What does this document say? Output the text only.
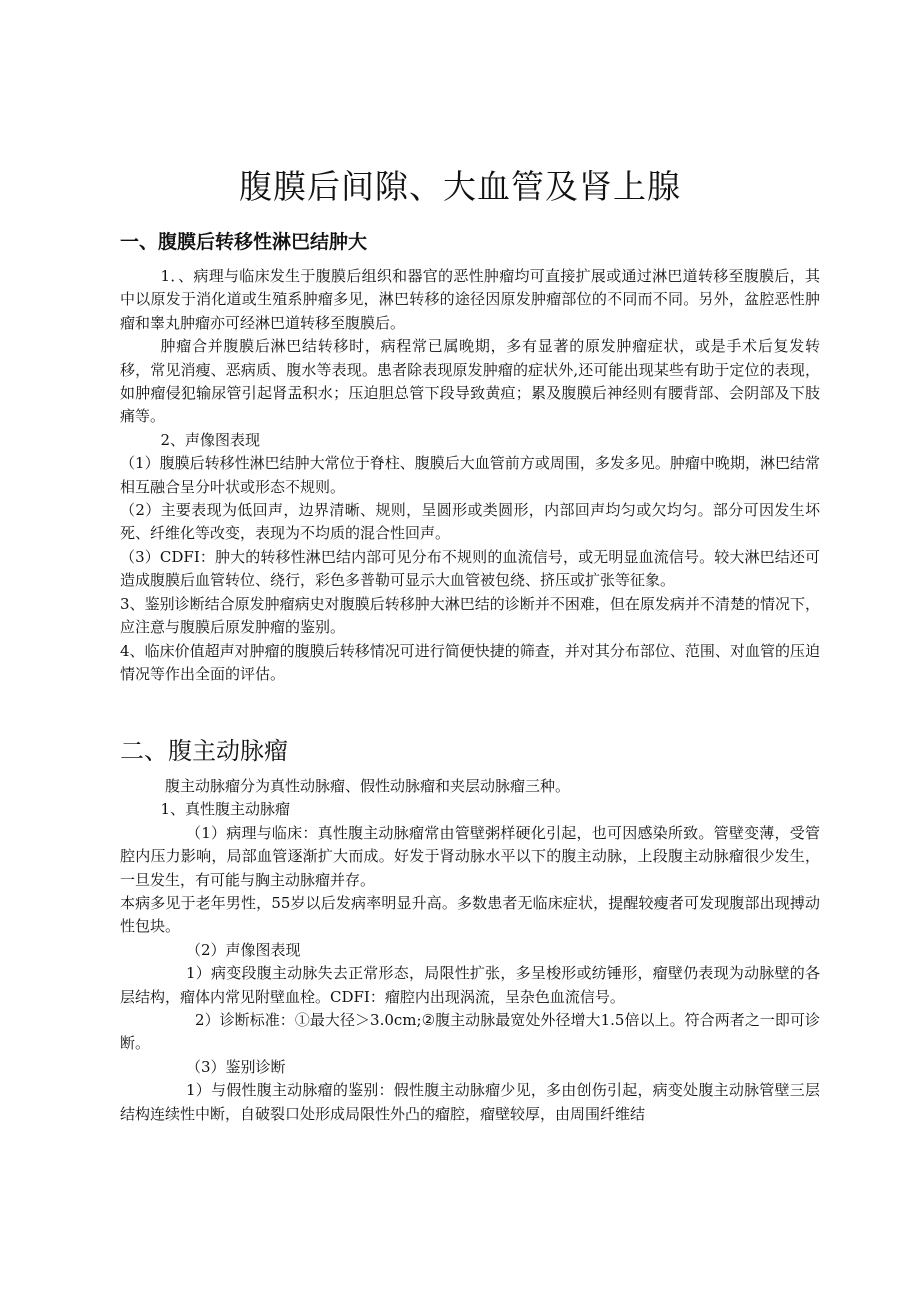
腹膜后间隙、大血管及肾上腺
一、腹膜后转移性淋巴结肿大

1．、病理与临床发生于腹膜后组织和器官的恶性肿瘤均可直接扩展或通过淋巴道转移至腹膜后，其中以原发于消化道或生殖系肿瘤多见，淋巴转移的途径因原发肿瘤部位的不同而不同。另外，盆腔恶性肿瘤和睾丸肿瘤亦可经淋巴道转移至腹膜后。

肿瘤合并腹膜后淋巴结转移时，病程常已属晚期，多有显著的原发肿瘤症状，或是手术后复发转移，常见消瘦、恶病质、腹水等表现。患者除表现原发肿瘤的症状外,还可能出现某些有助于定位的表现，如肿瘤侵犯输尿管引起肾盂积水；压迫胆总管下段导致黄疸；累及腹膜后神经则有腰背部、会阴部及下肢痛等。

2、声像图表现

（1）腹膜后转移性淋巴结肿大常位于脊柱、腹膜后大血管前方或周围，多发多见。肿瘤中晚期，淋巴结常相互融合呈分叶状或形态不规则。

（2）主要表现为低回声，边界清晰、规则，呈圆形或类圆形，内部回声均匀或欠均匀。部分可因发生坏死、纤维化等改变，表现为不均质的混合性回声。

（3）CDFI：肿大的转移性淋巴结内部可见分布不规则的血流信号，或无明显血流信号。较大淋巴结还可造成腹膜后血管转位、绕行，彩色多普勒可显示大血管被包绕、挤压或扩张等征象。

3、鉴别诊断结合原发肿瘤病史对腹膜后转移肿大淋巴结的诊断并不困难，但在原发病并不清楚的情况下，应注意与腹膜后原发肿瘤的鉴别。

4、临床价值超声对肿瘤的腹膜后转移情况可进行简便快捷的筛查，并对其分布部位、范围、对血管的压迫情况等作出全面的评估。

二、腹主动脉瘤

腹主动脉瘤分为真性动脉瘤、假性动脉瘤和夹层动脉瘤三种。

1、真性腹主动脉瘤

（1）病理与临床：真性腹主动脉瘤常由管壁粥样硬化引起，也可因感染所致。管壁变薄，受管腔内压力影响，局部血管逐渐扩大而成。好发于肾动脉水平以下的腹主动脉，上段腹主动脉瘤很少发生，一旦发生，有可能与胸主动脉瘤并存。

本病多见于老年男性，55岁以后发病率明显升高。多数患者无临床症状，提醒较瘦者可发现腹部出现搏动性包块。

（2）声像图表现

1）病变段腹主动脉失去正常形态，局限性扩张，多呈梭形或纺锤形，瘤壁仍表现为动脉壁的各层结构，瘤体内常见附壁血栓。CDFI：瘤腔内出现涡流，呈杂色血流信号。

2）诊断标准：①最大径＞3.0cm;②腹主动脉最宽处外径增大1.5倍以上。符合两者之一即可诊断。

（3）鉴别诊断

1）与假性腹主动脉瘤的鉴别：假性腹主动脉瘤少见，多由创伤引起，病变处腹主动脉管壁三层结构连续性中断，自破裂口处形成局限性外凸的瘤腔，瘤壁较厚，由周围纤维结
